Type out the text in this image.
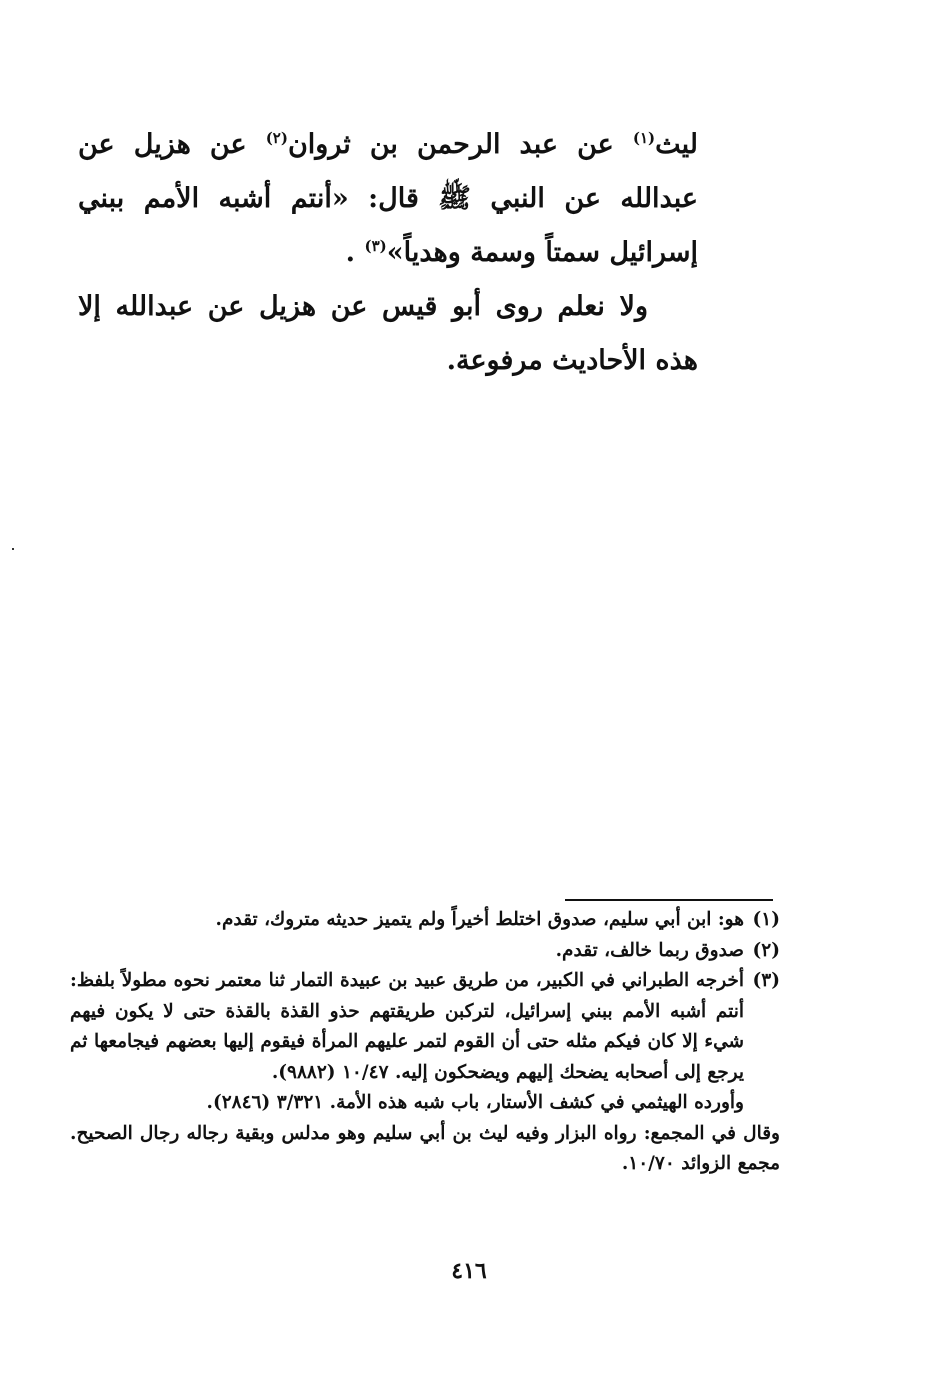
ليث$^{(١)}$ عن عبد الرحمن بن ثروان$^{(٢)}$ عن هزيل عن عبدالله عن النبي ﷺ قال: «أنتم أشبه الأمم ببني إسرائيل سمتاً وسمة وهدياً»$^{(٣)}$ .

ولا نعلم روى أبو قيس عن هزيل عن عبدالله إلا هذه الأحاديث مرفوعة.

(١)هو: ابن أبي سليم، صدوق اختلط أخيراً ولم يتميز حديثه متروك، تقدم.

(٢)صدوق ربما خالف، تقدم.

(٣)أخرجه الطبراني في الكبير، من طريق عبيد بن عبيدة التمار ثنا معتمر نحوه مطولاً بلفظ: أنتم أشبه الأمم ببني إسرائيل، لتركبن طريقتهم حذو القذة بالقذة حتى لا يكون فيهم شيء إلا كان فيكم مثله حتى أن القوم لتمر عليهم المرأة فيقوم إليها بعضهم فيجامعها ثم يرجع إلى أصحابه يضحك إليهم ويضحكون إليه. ١٠/٤٧ (٩٨٨٢).

وأورده الهيثمي في كشف الأستار، باب شبه هذه الأمة. ٣/٣٢١ (٢٨٤٦).

وقال في المجمع: رواه البزار وفيه ليث بن أبي سليم وهو مدلس وبقية رجاله رجال الصحيح. مجمع الزوائد ١٠/٧٠.

٤١٦
